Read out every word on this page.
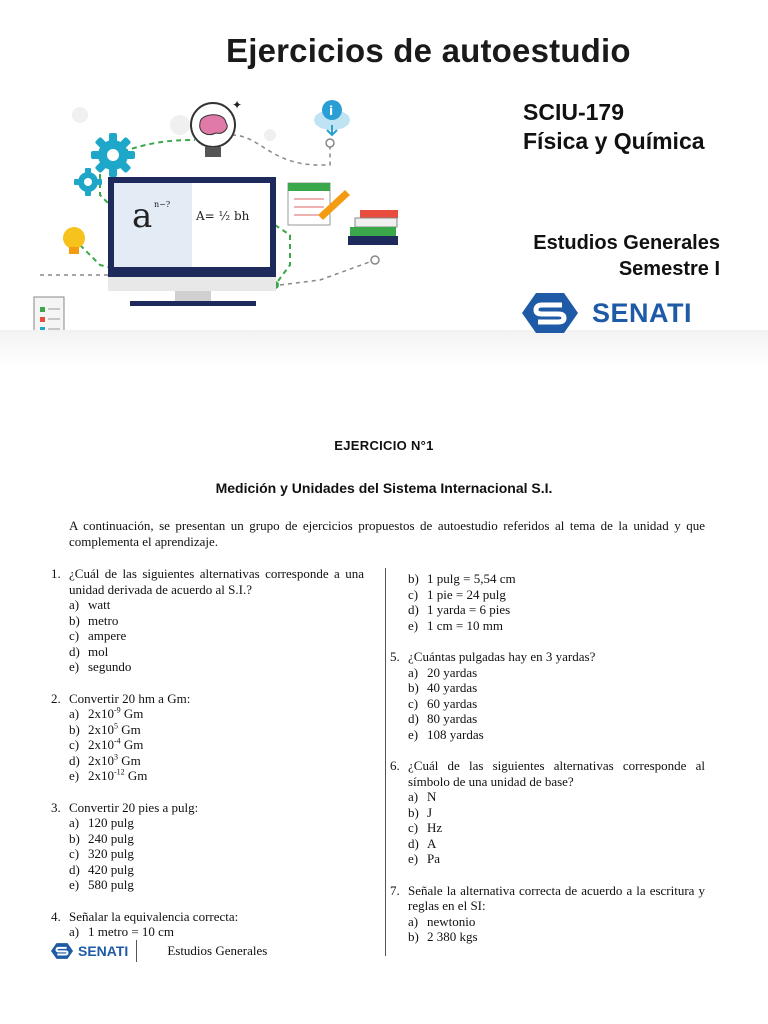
✦	i
a n−?
A= ½ bh
Ejercicios de autoestudio
SCIU-179
Física y Química
Estudios Generales
Semestre I
SENATI
EJERCICIO N°1
Medición y Unidades del Sistema Internacional S.I.
A continuación, se presentan un grupo de ejercicios propuestos de autoestudio referidos al tema de la unidad y que complementa el aprendizaje.
1. ¿Cuál de las siguientes alternativas corresponde a una unidad derivada de acuerdo al S.I.?
a) watt
b) metro
c) ampere
d) mol
e) segundo
2. Convertir 20 hm a Gm:
a) $2x10^{-9}$ Gm
b) $2x10^5$ Gm
c) $2x10^{-4}$ Gm
d) $2x10^3$ Gm
e) $2x10^{-12}$ Gm
3. Convertir 20 pies a pulg:
a) 120 pulg
b) 240 pulg
c) 320 pulg
d) 420 pulg
e) 580 pulg
4. Señalar la equivalencia correcta:
a) 1 metro = 10 cm
b) 1 pulg = 5,54 cm
c) 1 pie = 24 pulg
d) 1 yarda = 6 pies
e) 1 cm = 10 mm
5. ¿Cuántas pulgadas hay en 3 yardas?
a) 20 yardas
b) 40 yardas
c) 60 yardas
d) 80 yardas
e) 108 yardas
6. ¿Cuál de las siguientes alternativas corresponde al símbolo de una unidad de base?
a) N
b) J
c) Hz
d) A
e) Pa
7. Señale la alternativa correcta de acuerdo a la escritura y reglas en el SI:
a) newtonio
b) 2 380 kgs
SENATI	Estudios Generales
